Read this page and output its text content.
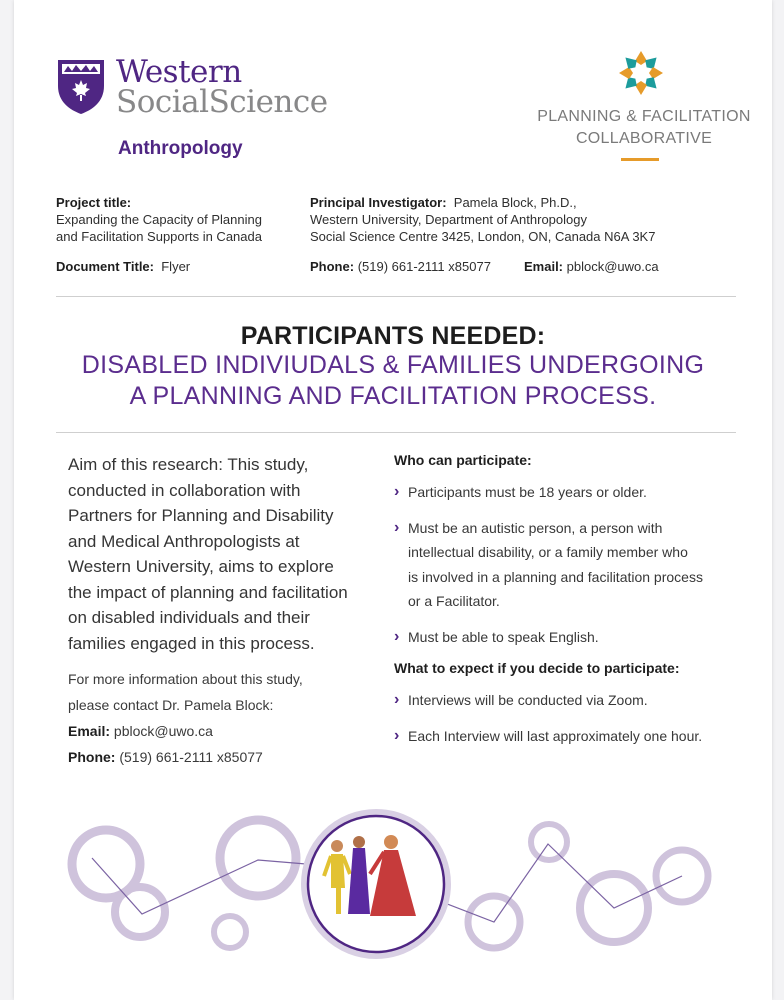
Western
SocialScience
Anthropology
PLANNING & FACILITATION
COLLABORATIVE
Project title:
Expanding the Capacity of Planning
and Facilitation Supports in Canada
Principal Investigator: Pamela Block, Ph.D.,
Western University, Department of Anthropology
Social Science Centre 3425, London, ON, Canada N6A 3K7
Document Title: Flyer	Phone: (519) 661-2111 x85077	Email: pblock@uwo.ca
PARTICIPANTS NEEDED:
DISABLED INDIVIUDALS & FAMILIES UNDERGOING
A PLANNING AND FACILITATION PROCESS.
Aim of this research: This study,
conducted in collaboration with
Partners for Planning and Disability
and Medical Anthropologists at
Western University, aims to explore
the impact of planning and facilitation
on disabled individuals and their
families engaged in this process.
For more information about this study,
please contact Dr. Pamela Block:
Email: pblock@uwo.ca
Phone: (519) 661-2111 x85077
Who can participate:
› Participants must be 18 years or older.
› Must be an autistic person, a person with
intellectual disability, or a family member who
is involved in a planning and facilitation process
or a Facilitator.
› Must be able to speak English.
What to expect if you decide to participate:
› Interviews will be conducted via Zoom.
› Each Interview will last approximately one hour.
